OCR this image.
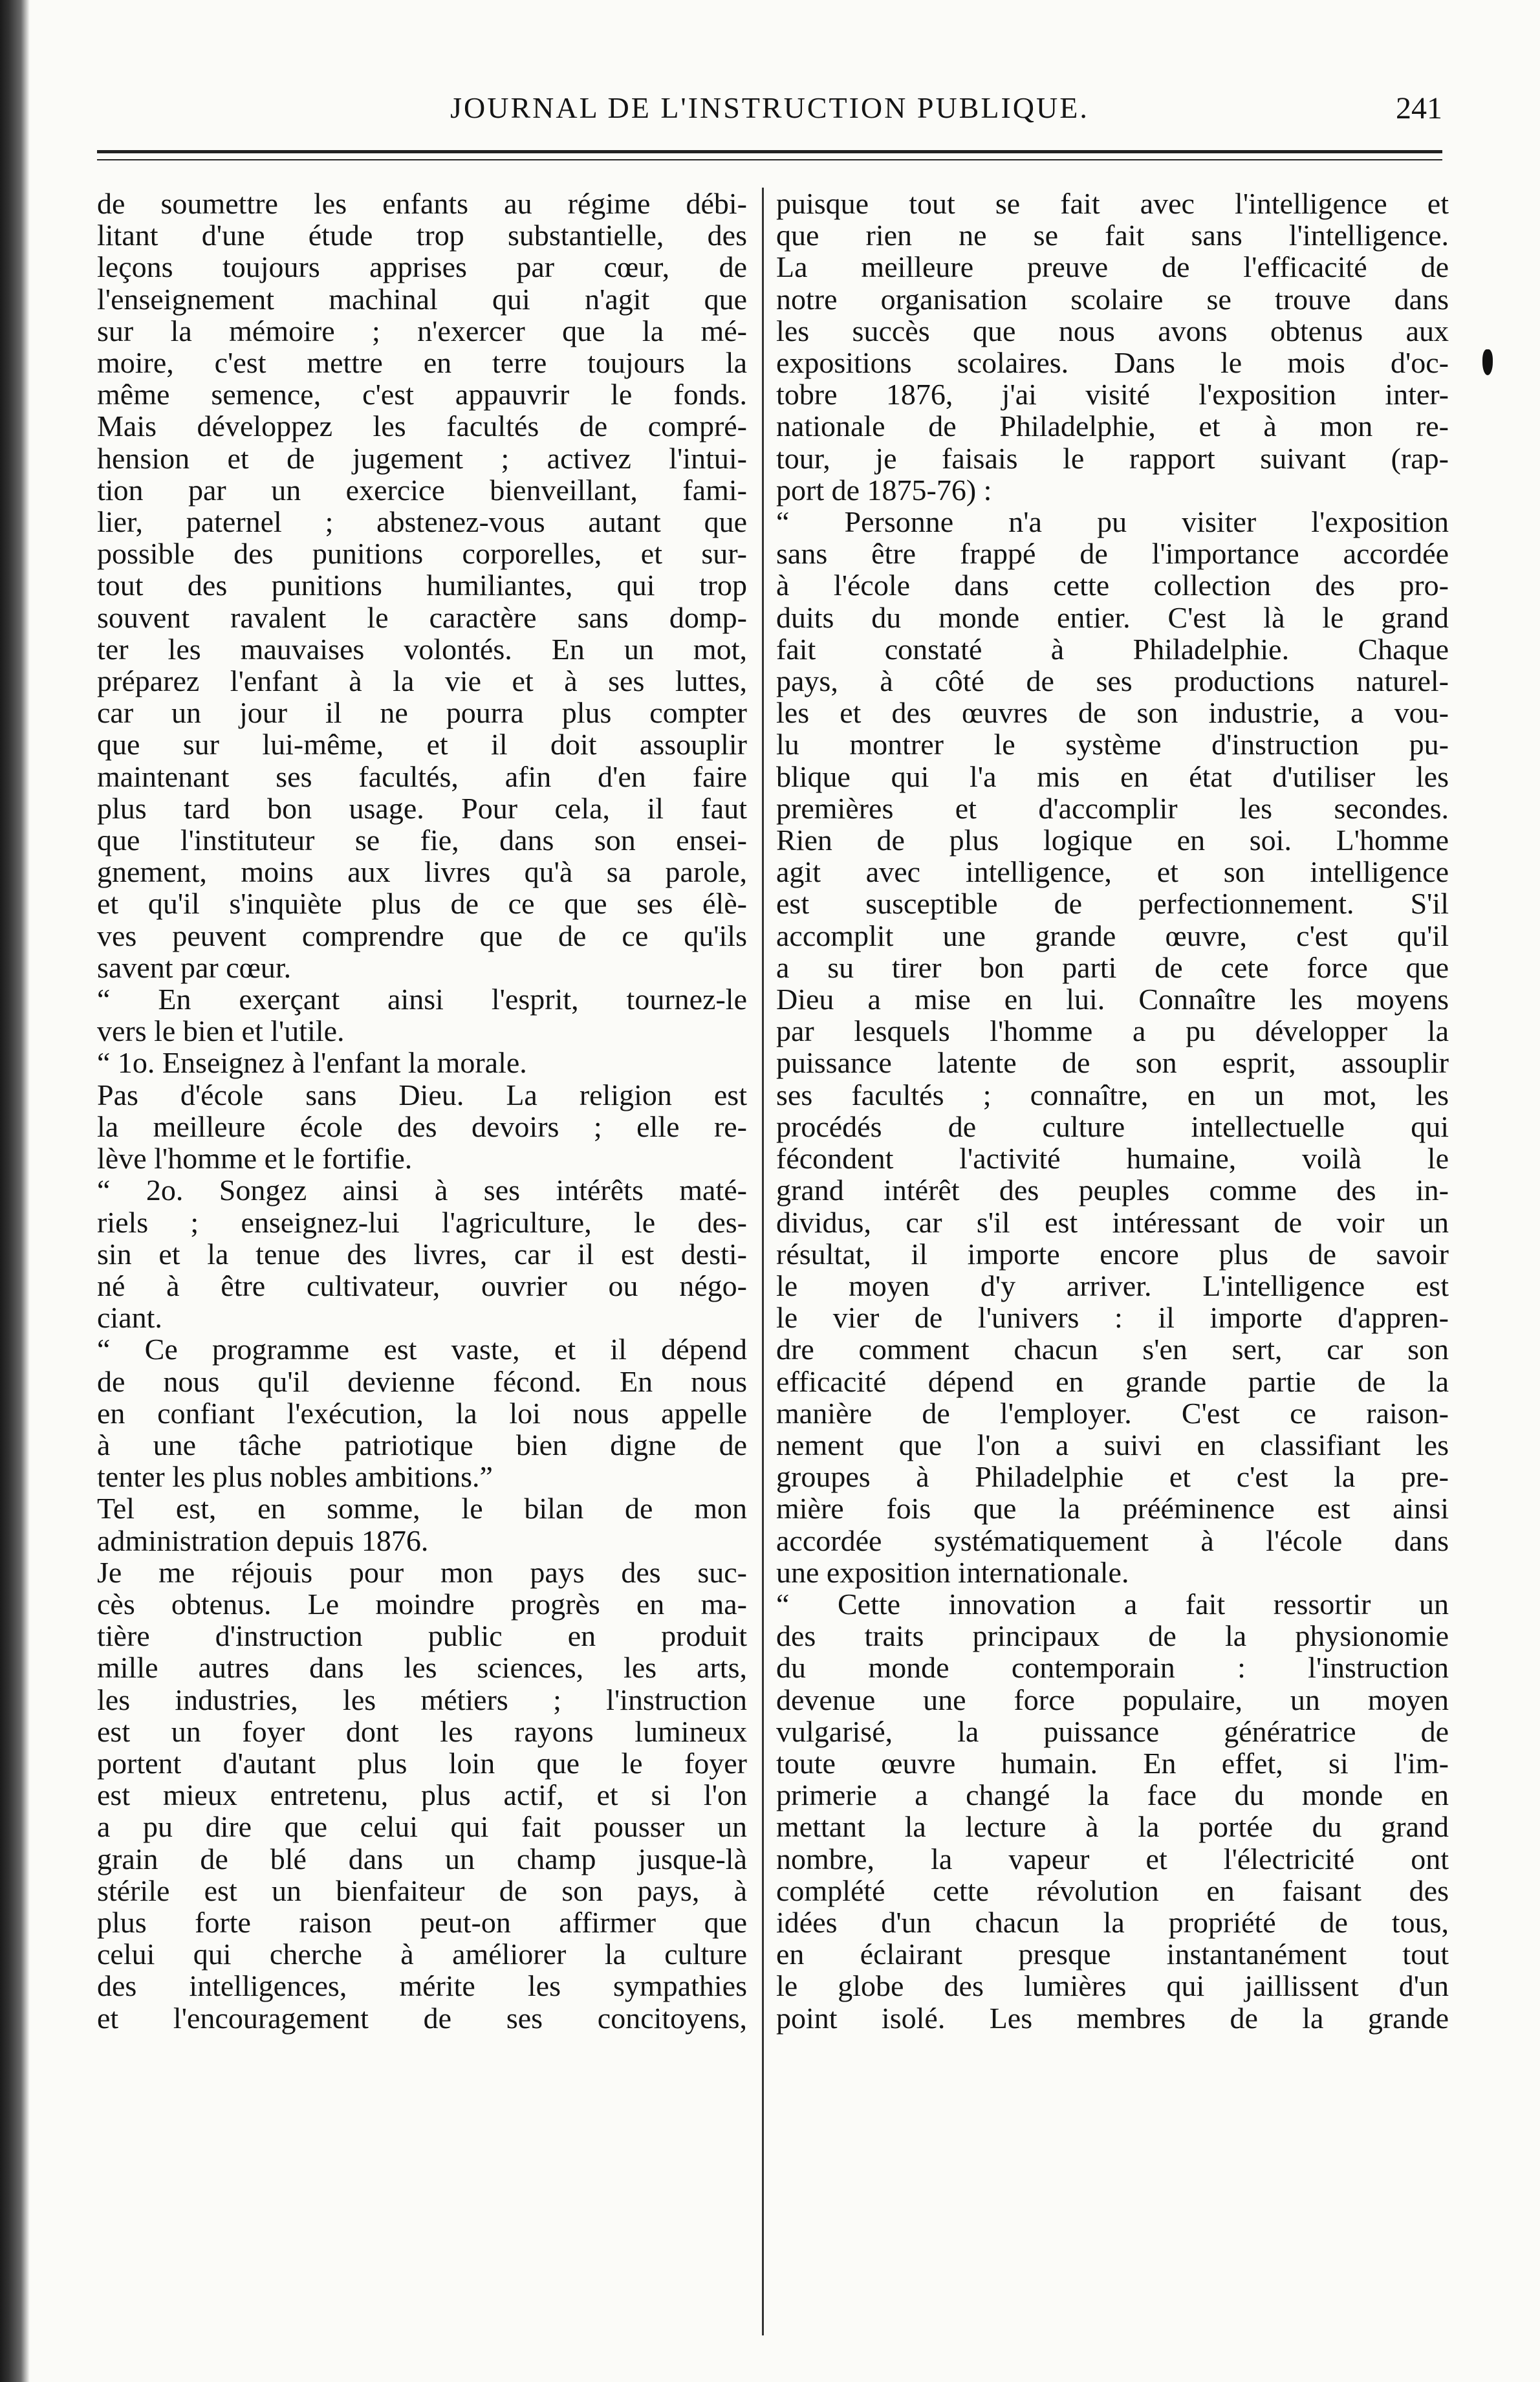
JOURNAL DE L'INSTRUCTION PUBLIQUE.	241
de soumettre les enfants au régime débi-
litant d'une étude trop substantielle, des
leçons toujours apprises par cœur, de
l'enseignement machinal qui n'agit que
sur la mémoire ; n'exercer que la mé-
moire, c'est mettre en terre toujours la
même semence, c'est appauvrir le fonds.
Mais développez les facultés de compré-
hension et de jugement ; activez l'intui-
tion par un exercice bienveillant, fami-
lier, paternel ; abstenez-vous autant que
possible des punitions corporelles, et sur-
tout des punitions humiliantes, qui trop
souvent ravalent le caractère sans domp-
ter les mauvaises volontés. En un mot,
préparez l'enfant à la vie et à ses luttes,
car un jour il ne pourra plus compter
que sur lui-même, et il doit assouplir
maintenant ses facultés, afin d'en faire
plus tard bon usage. Pour cela, il faut
que l'instituteur se fie, dans son ensei-
gnement, moins aux livres qu'à sa parole,
et qu'il s'inquiète plus de ce que ses élè-
ves peuvent comprendre que de ce qu'ils
savent par cœur.
“ En exerçant ainsi l'esprit, tournez-le
vers le bien et l'utile.
“ 1o. Enseignez à l'enfant la morale.
Pas d'école sans Dieu. La religion est
la meilleure école des devoirs ; elle re-
lève l'homme et le fortifie.
“ 2o. Songez ainsi à ses intérêts maté-
riels ; enseignez-lui l'agriculture, le des-
sin et la tenue des livres, car il est desti-
né à être cultivateur, ouvrier ou négo-
ciant.
“ Ce programme est vaste, et il dépend
de nous qu'il devienne fécond. En nous
en confiant l'exécution, la loi nous appelle
à une tâche patriotique bien digne de
tenter les plus nobles ambitions.”
Tel est, en somme, le bilan de mon
administration depuis 1876.
Je me réjouis pour mon pays des suc-
cès obtenus. Le moindre progrès en ma-
tière d'instruction public en produit
mille autres dans les sciences, les arts,
les industries, les métiers ; l'instruction
est un foyer dont les rayons lumineux
portent d'autant plus loin que le foyer
est mieux entretenu, plus actif, et si l'on
a pu dire que celui qui fait pousser un
grain de blé dans un champ jusque-là
stérile est un bienfaiteur de son pays, à
plus forte raison peut-on affirmer que
celui qui cherche à améliorer la culture
des intelligences, mérite les sympathies
et l'encouragement de ses concitoyens,
puisque tout se fait avec l'intelligence et
que rien ne se fait sans l'intelligence.
La meilleure preuve de l'efficacité de
notre organisation scolaire se trouve dans
les succès que nous avons obtenus aux
expositions scolaires. Dans le mois d'oc-
tobre 1876, j'ai visité l'exposition inter-
nationale de Philadelphie, et à mon re-
tour, je faisais le rapport suivant (rap-
port de 1875-76) :
“ Personne n'a pu visiter l'exposition
sans être frappé de l'importance accordée
à l'école dans cette collection des pro-
duits du monde entier. C'est là le grand
fait constaté à Philadelphie. Chaque
pays, à côté de ses productions naturel-
les et des œuvres de son industrie, a vou-
lu montrer le système d'instruction pu-
blique qui l'a mis en état d'utiliser les
premières et d'accomplir les secondes.
Rien de plus logique en soi. L'homme
agit avec intelligence, et son intelligence
est susceptible de perfectionnement. S'il
accomplit une grande œuvre, c'est qu'il
a su tirer bon parti de cete force que
Dieu a mise en lui. Connaître les moyens
par lesquels l'homme a pu développer la
puissance latente de son esprit, assouplir
ses facultés ; connaître, en un mot, les
procédés de culture intellectuelle qui
fécondent l'activité humaine, voilà le
grand intérêt des peuples comme des in-
dividus, car s'il est intéressant de voir un
résultat, il importe encore plus de savoir
le moyen d'y arriver. L'intelligence est
le vier de l'univers : il importe d'appren-
dre comment chacun s'en sert, car son
efficacité dépend en grande partie de la
manière de l'employer. C'est ce raison-
nement que l'on a suivi en classifiant les
groupes à Philadelphie et c'est la pre-
mière fois que la prééminence est ainsi
accordée systématiquement à l'école dans
une exposition internationale.
“ Cette innovation a fait ressortir un
des traits principaux de la physionomie
du monde contemporain : l'instruction
devenue une force populaire, un moyen
vulgarisé, la puissance génératrice de
toute œuvre humain. En effet, si l'im-
primerie a changé la face du monde en
mettant la lecture à la portée du grand
nombre, la vapeur et l'électricité ont
complété cette révolution en faisant des
idées d'un chacun la propriété de tous,
en éclairant presque instantanément tout
le globe des lumières qui jaillissent d'un
point isolé. Les membres de la grande
